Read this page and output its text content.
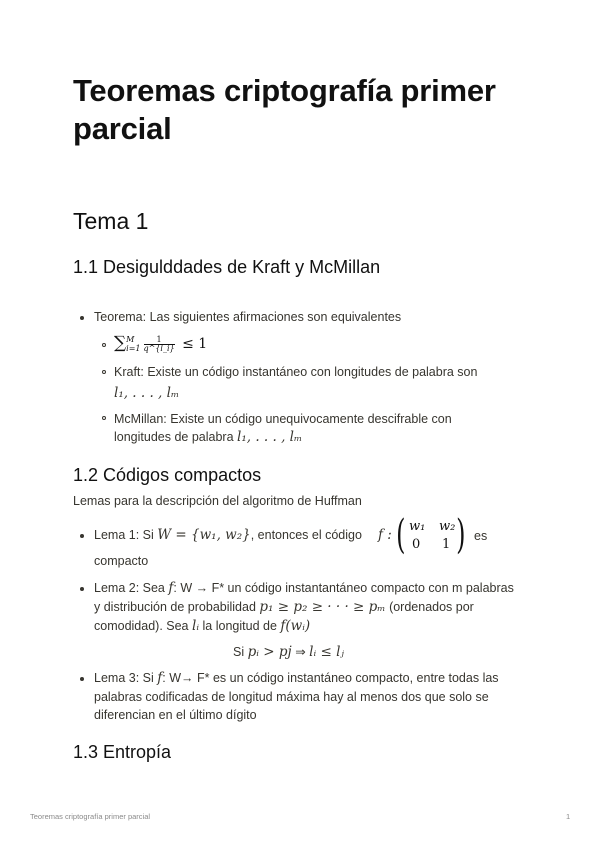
Teoremas criptografía primer parcial
Tema 1
1.1 Desigulddades de Kraft y McMillan
Teorema: Las siguientes afirmaciones son equivalentes
∑ M
$i=1 \frac{1}{q\^{}\{l\_i\}} \le 1$
Kraft: Existe un código instantáneo con longitudes de palabra son
l₁, . . . , lₘ
McMillan: Existe un código unequivocamente descifrable con
longitudes de palabra l₁, . . . , lₘ
1.2 Códigos compactos
Lemas para la descripción del algoritmo de Huffman
Lema 1: Si W = {w₁, w₂}, entonces el código f : ( w₁ w₂
0 1 ) es
compacto
Lema 2: Sea f: W → F* un código instantantáneo compacto con m palabras
y distribución de probabilidad p₁ ≥ p₂ ≥ · · · ≥ pₘ (ordenados por
comodidad). Sea lᵢ la longitud de f(wᵢ)
Si pᵢ > pj ⇒ lᵢ ≤ lⱼ
Lema 3: Si f: W→ F* es un código instantáneo compacto, entre todas las
palabras codificadas de longitud máxima hay al menos dos que solo se
diferencian en el último dígito
1.3 Entropía
Teoremas criptografía primer parcial	1
